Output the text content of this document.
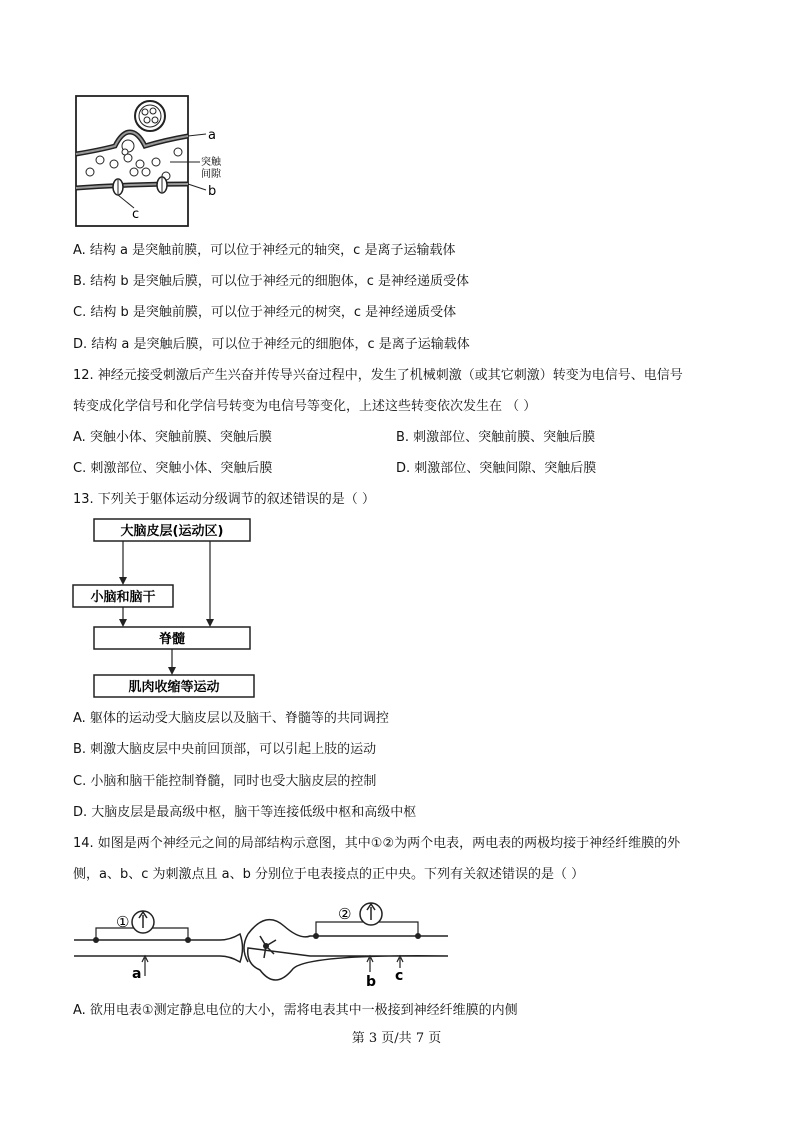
a
突触
间隙
b
c
A. 结构 a 是突触前膜，可以位于神经元的轴突，c 是离子运输载体
B. 结构 b 是突触后膜，可以位于神经元的细胞体，c 是神经递质受体
C. 结构 b 是突触前膜，可以位于神经元的树突，c 是神经递质受体
D. 结构 a 是突触后膜，可以位于神经元的细胞体，c 是离子运输载体
12. 神经元接受刺激后产生兴奋并传导兴奋过程中，发生了机械刺激（或其它刺激）转变为电信号、电信号
转变成化学信号和化学信号转变为电信号等变化，上述这些转变依次发生在 （ ）
A. 突触小体、突触前膜、突触后膜	B. 刺激部位、突触前膜、突触后膜
C. 刺激部位、突触小体、突触后膜	D. 刺激部位、突触间隙、突触后膜
13. 下列关于躯体运动分级调节的叙述错误的是（ ）
大脑皮层(运动区)
小脑和脑干
脊髓
肌肉收缩等运动
A. 躯体的运动受大脑皮层以及脑干、脊髓等的共同调控
B. 刺激大脑皮层中央前回顶部，可以引起上肢的运动
C. 小脑和脑干能控制脊髓，同时也受大脑皮层的控制
D. 大脑皮层是最高级中枢，脑干等连接低级中枢和高级中枢
14. 如图是两个神经元之间的局部结构示意图，其中①②为两个电表，两电表的两极均接于神经纤维膜的外
侧，a、b、c 为刺激点且 a、b 分别位于电表接点的正中央。下列有关叙述错误的是（ ）
①	②
a	b c
A. 欲用电表①测定静息电位的大小，需将电表其中一极接到神经纤维膜的内侧
第 3 页/共 7 页
